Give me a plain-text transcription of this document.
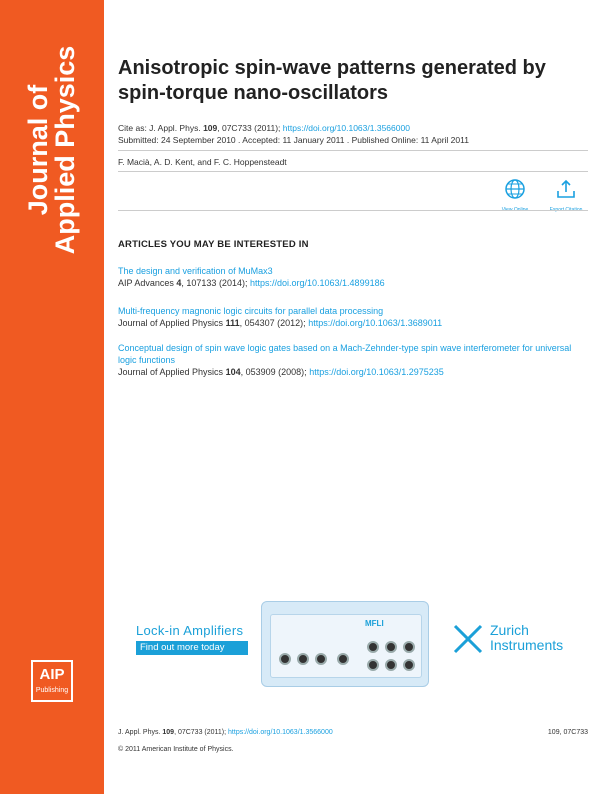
Journal of
Applied Physics
AIP
Publishing
Anisotropic spin-wave patterns generated by spin-torque nano-oscillators
Cite as: J. Appl. Phys. 109, 07C733 (2011); https://doi.org/10.1063/1.3566000
Submitted: 24 September 2010 . Accepted: 11 January 2011 . Published Online: 11 April 2011
F. Macià, A. D. Kent, and F. C. Hoppensteadt
ARTICLES YOU MAY BE INTERESTED IN
The design and verification of MuMax3
AIP Advances 4, 107133 (2014); https://doi.org/10.1063/1.4899186
Multi-frequency magnonic logic circuits for parallel data processing
Journal of Applied Physics 111, 054307 (2012); https://doi.org/10.1063/1.3689011
Conceptual design of spin wave logic gates based on a Mach-Zehnder-type spin wave interferometer for universal logic functions
Journal of Applied Physics 104, 053909 (2008); https://doi.org/10.1063/1.2975235
Lock-in Amplifiers
Find out more today
MFLI	Zurich
Instruments
J. Appl. Phys. 109, 07C733 (2011); https://doi.org/10.1063/1.3566000	109, 07C733
© 2011 American Institute of Physics.
